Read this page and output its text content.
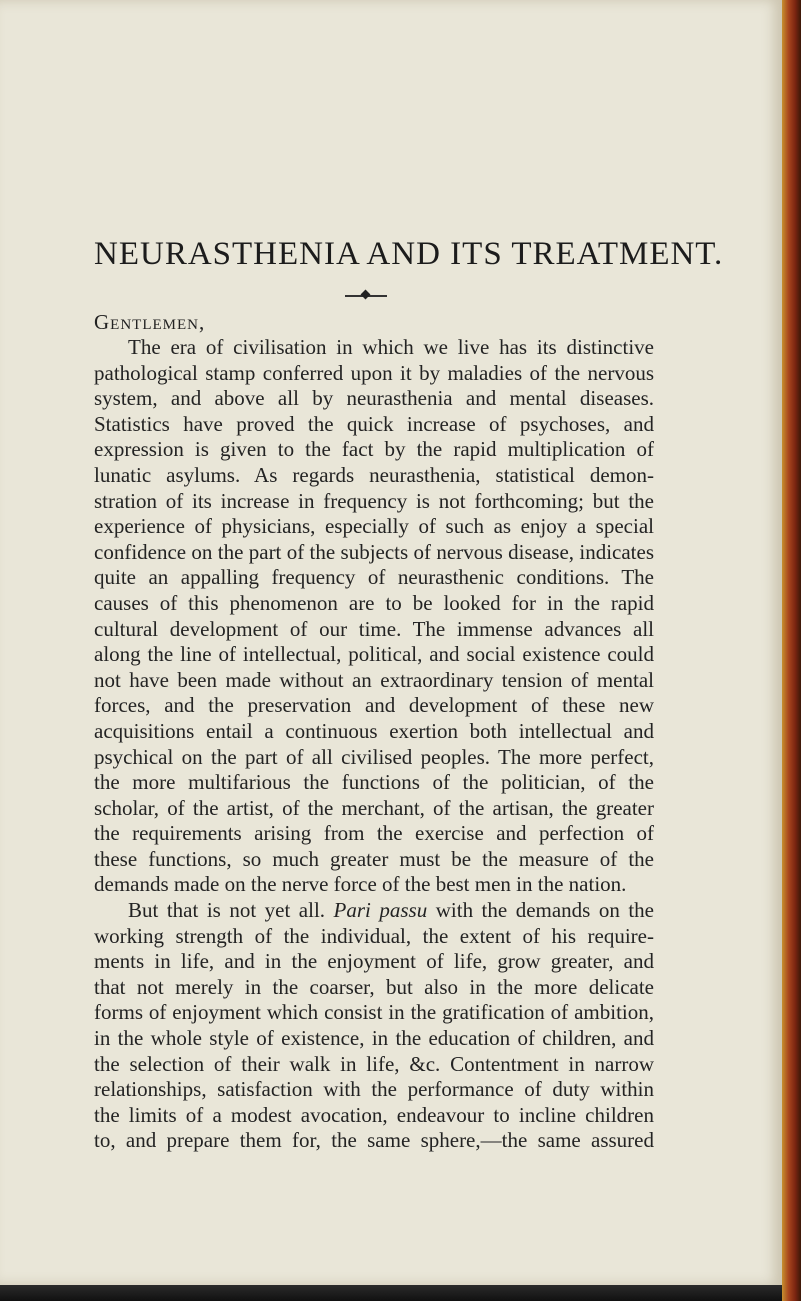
NEURASTHENIA AND ITS TREATMENT.
Gentlemen,
The era of civilisation in which we live has its distinctive
pathological stamp conferred upon it by maladies of the nervous
system, and above all by neurasthenia and mental diseases.
Statistics have proved the quick increase of psychoses, and
expression is given to the fact by the rapid multiplication of
lunatic asylums. As regards neurasthenia, statistical demon-
stration of its increase in frequency is not forthcoming; but the
experience of physicians, especially of such as enjoy a special
confidence on the part of the subjects of nervous disease, indicates
quite an appalling frequency of neurasthenic conditions. The
causes of this phenomenon are to be looked for in the rapid
cultural development of our time. The immense advances all
along the line of intellectual, political, and social existence could
not have been made without an extraordinary tension of mental
forces, and the preservation and development of these new
acquisitions entail a continuous exertion both intellectual and
psychical on the part of all civilised peoples. The more perfect,
the more multifarious the functions of the politician, of the
scholar, of the artist, of the merchant, of the artisan, the greater
the requirements arising from the exercise and perfection of
these functions, so much greater must be the measure of the
demands made on the nerve force of the best men in the nation.
But that is not yet all. Pari passu with the demands on the
working strength of the individual, the extent of his require-
ments in life, and in the enjoyment of life, grow greater, and
that not merely in the coarser, but also in the more delicate
forms of enjoyment which consist in the gratification of ambition,
in the whole style of existence, in the education of children, and
the selection of their walk in life, &c. Contentment in narrow
relationships, satisfaction with the performance of duty within
the limits of a modest avocation, endeavour to incline children
to, and prepare them for, the same sphere,—the same assured
